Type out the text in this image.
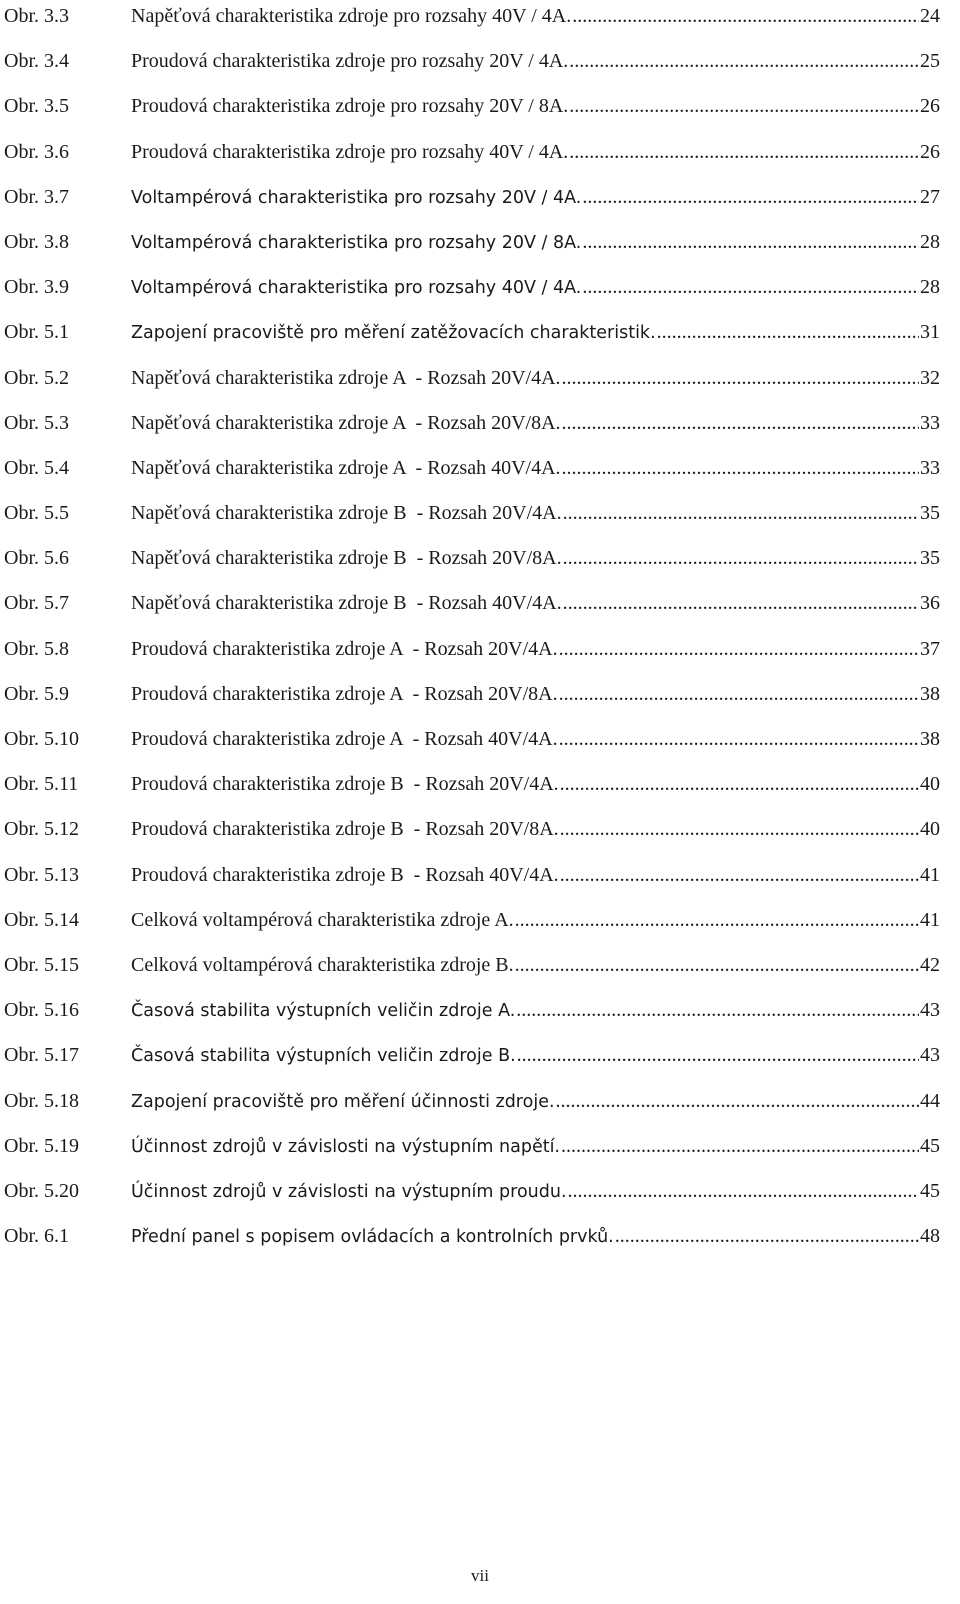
Obr. 3.3	Napěťová charakteristika zdroje pro rozsahy 40V / 4A. .....	24
Obr. 3.4	Proudová charakteristika zdroje pro rozsahy 20V / 4A. .....	25
Obr. 3.5	Proudová charakteristika zdroje pro rozsahy 20V / 8A. .....	26
Obr. 3.6	Proudová charakteristika zdroje pro rozsahy 40V / 4A. .....	26
Obr. 3.7	Voltampérová charakteristika pro rozsahy 20V / 4A. .....	27
Obr. 3.8	Voltampérová charakteristika pro rozsahy 20V / 8A. .....	28
Obr. 3.9	Voltampérová charakteristika pro rozsahy 40V / 4A. .....	28
Obr. 5.1	Zapojení pracoviště pro měření zatěžovacích charakteristik. .....	31
Obr. 5.2	Napěťová charakteristika zdroje A  - Rozsah 20V/4A. .....	32
Obr. 5.3	Napěťová charakteristika zdroje A  - Rozsah 20V/8A. .....	33
Obr. 5.4	Napěťová charakteristika zdroje A  - Rozsah 40V/4A. .....	33
Obr. 5.5	Napěťová charakteristika zdroje B  - Rozsah 20V/4A. .....	35
Obr. 5.6	Napěťová charakteristika zdroje B  - Rozsah 20V/8A. .....	35
Obr. 5.7	Napěťová charakteristika zdroje B  - Rozsah 40V/4A. .....	36
Obr. 5.8	Proudová charakteristika zdroje A  - Rozsah 20V/4A. .....	37
Obr. 5.9	Proudová charakteristika zdroje A  - Rozsah 20V/8A. .....	38
Obr. 5.10	Proudová charakteristika zdroje A  - Rozsah 40V/4A. .....	38
Obr. 5.11	Proudová charakteristika zdroje B  - Rozsah 20V/4A. .....	40
Obr. 5.12	Proudová charakteristika zdroje B  - Rozsah 20V/8A. .....	40
Obr. 5.13	Proudová charakteristika zdroje B  - Rozsah 40V/4A. .....	41
Obr. 5.14	Celková voltampérová charakteristika zdroje A. .....	41
Obr. 5.15	Celková voltampérová charakteristika zdroje B. .....	42
Obr. 5.16	Časová stabilita výstupních veličin zdroje A. .....	43
Obr. 5.17	Časová stabilita výstupních veličin zdroje B. .....	43
Obr. 5.18	Zapojení pracoviště pro měření účinnosti zdroje. .....	44
Obr. 5.19	Účinnost zdrojů v závislosti na výstupním napětí. .....	45
Obr. 5.20	Účinnost zdrojů v závislosti na výstupním proudu. .....	45
Obr. 6.1	Přední panel s popisem ovládacích a kontrolních prvků. .....	48
vii
